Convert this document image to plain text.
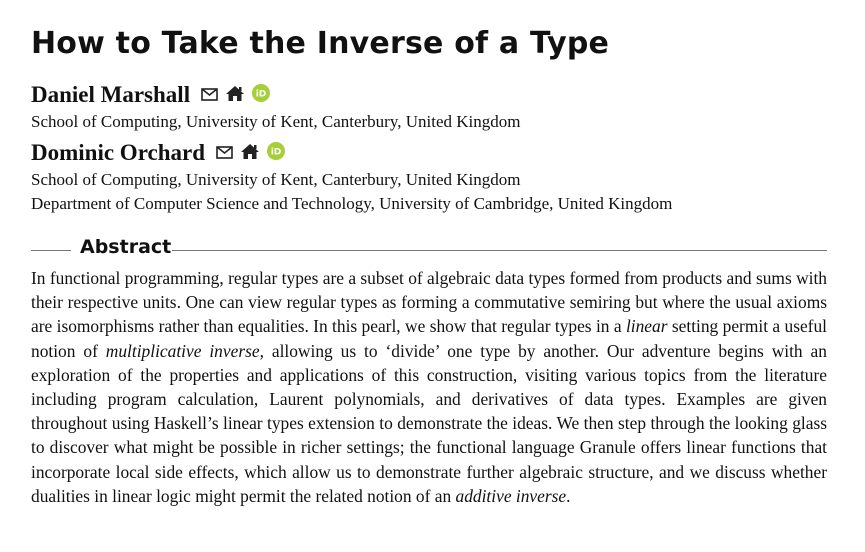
How to Take the Inverse of a Type
Daniel Marshall	iD
School of Computing, University of Kent, Canterbury, United Kingdom
Dominic Orchard	iD
School of Computing, University of Kent, Canterbury, United Kingdom
Department of Computer Science and Technology, University of Cambridge, United Kingdom
Abstract

In functional programming, regular types are a subset of algebraic data types formed from products and sums with their respective units. One can view regular types as forming a commutative semiring but where the usual axioms are isomorphisms rather than equalities. In this pearl, we show that regular types in a linear setting permit a useful notion of multiplicative inverse, allowing us to ‘divide’ one type by another. Our adventure begins with an exploration of the properties and applications of this construction, visiting various topics from the literature including program calculation, Laurent polynomials, and derivatives of data types. Examples are given throughout using Haskell’s linear types extension to demonstrate the ideas. We then step through the looking glass to discover what might be possible in richer settings; the functional language Granule offers linear functions that incorporate local side effects, which allow us to demonstrate further algebraic structure, and we discuss whether dualities in linear logic might permit the related notion of an additive inverse.
